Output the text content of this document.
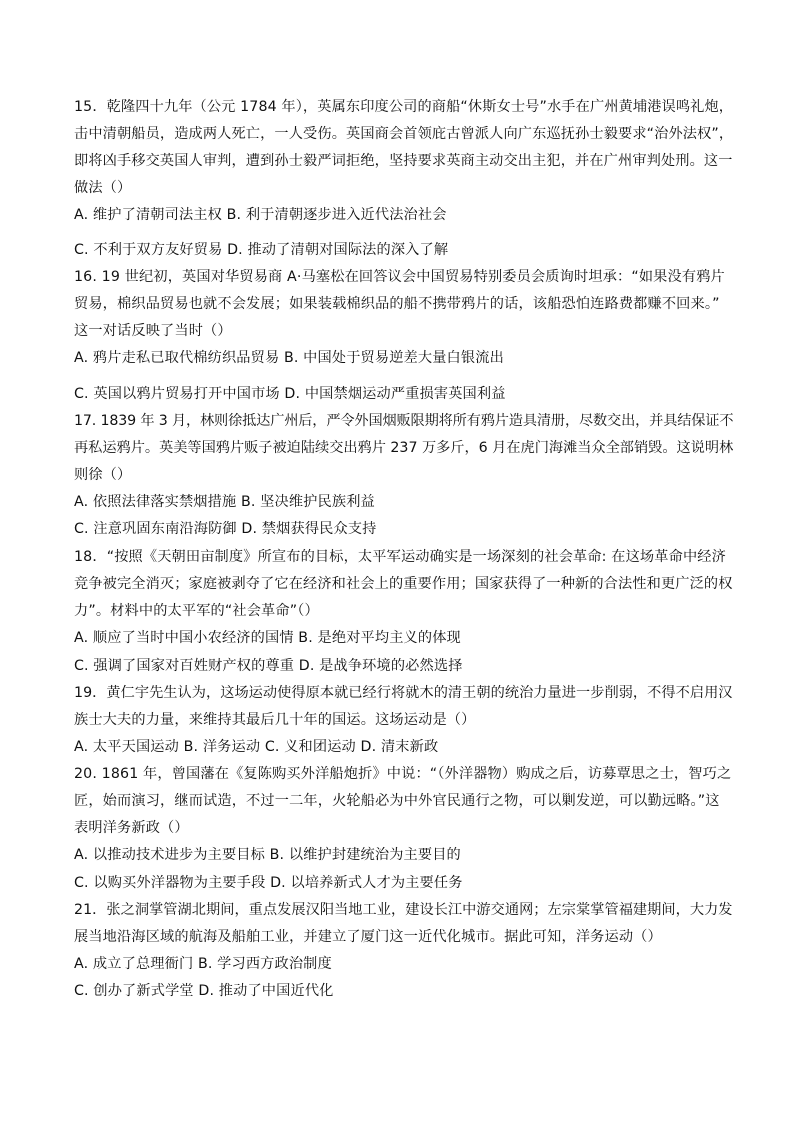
15．乾隆四十九年（公元 1784 年），英属东印度公司的商船“休斯女士号”水手在广州黄埔港误鸣礼炮，
击中清朝船员，造成两人死亡，一人受伤。英国商会首领庇古曾派人向广东巡抚孙士毅要求“治外法权”，
即将凶手移交英国人审判，遭到孙士毅严词拒绝，坚持要求英商主动交出主犯，并在广州审判处刑。这一
做法（）
A. 维护了清朝司法主权 B. 利于清朝逐步进入近代法治社会
C. 不利于双方友好贸易 D. 推动了清朝对国际法的深入了解
16. 19 世纪初，英国对华贸易商 A·马塞松在回答议会中国贸易特别委员会质询时坦承：“如果没有鸦片
贸易，棉织品贸易也就不会发展；如果装载棉织品的船不携带鸦片的话，该船恐怕连路费都赚不回来。”
这一对话反映了当时（）
A. 鸦片走私已取代棉纺织品贸易 B. 中国处于贸易逆差大量白银流出
C. 英国以鸦片贸易打开中国市场 D. 中国禁烟运动严重损害英国利益
17. 1839 年 3 月，林则徐抵达广州后，严令外国烟贩限期将所有鸦片造具清册，尽数交出，并具结保证不
再私运鸦片。英美等国鸦片贩子被迫陆续交出鸦片 237 万多斤，6 月在虎门海滩当众全部销毁。这说明林
则徐（）
A. 依照法律落实禁烟措施 B. 坚决维护民族利益
C. 注意巩固东南沿海防御 D. 禁烟获得民众支持
18．“按照《天朝田亩制度》所宣布的目标，太平军运动确实是一场深刻的社会革命: 在这场革命中经济
竞争被完全消灭；家庭被剥夺了它在经济和社会上的重要作用；国家获得了一种新的合法性和更广泛的权
力”。材料中的太平军的“社会革命”（）
A. 顺应了当时中国小农经济的国情 B. 是绝对平均主义的体现
C. 强调了国家对百姓财产权的尊重 D. 是战争环境的必然选择
19．黄仁宇先生认为，这场运动使得原本就已经行将就木的清王朝的统治力量进一步削弱，不得不启用汉
族士大夫的力量，来维持其最后几十年的国运。这场运动是（）
A. 太平天国运动 B. 洋务运动 C. 义和团运动 D. 清末新政
20. 1861 年，曾国藩在《复陈购买外洋船炮折》中说：“（外洋器物）购成之后，访募覃思之士，智巧之
匠，始而演习，继而试造，不过一二年，火轮船必为中外官民通行之物，可以剿发逆，可以勤远略。”这
表明洋务新政（）
A. 以推动技术进步为主要目标 B. 以维护封建统治为主要目的
C. 以购买外洋器物为主要手段 D. 以培养新式人才为主要任务
21．张之洞掌管湖北期间，重点发展汉阳当地工业，建设长江中游交通网；左宗棠掌管福建期间，大力发
展当地沿海区域的航海及船舶工业，并建立了厦门这一近代化城市。据此可知，洋务运动（）
A. 成立了总理衙门 B. 学习西方政治制度
C. 创办了新式学堂 D. 推动了中国近代化
